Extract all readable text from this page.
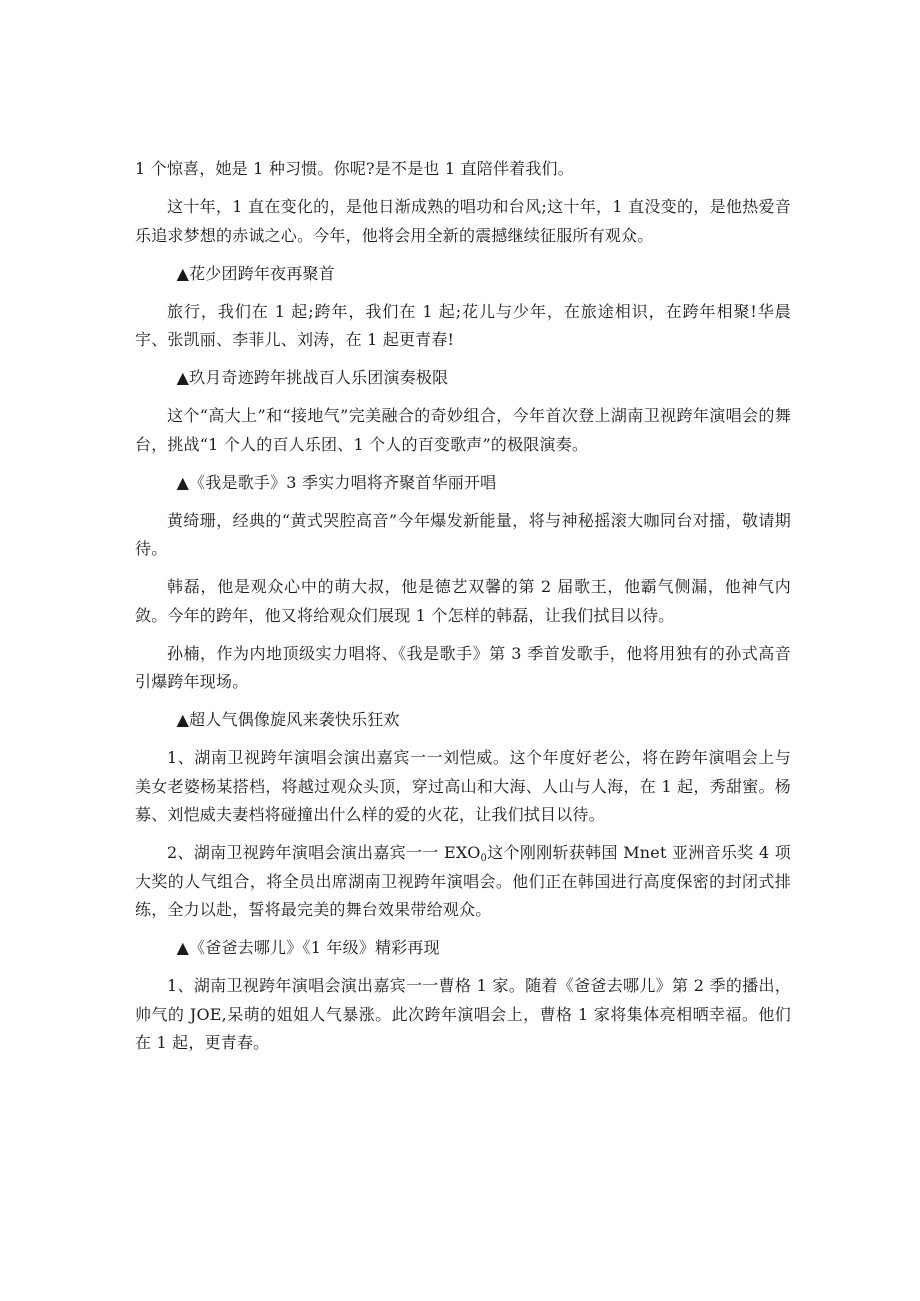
1 个惊喜，她是 1 种习惯。你呢?是不是也 1 直陪伴着我们。

这十年，1 直在变化的，是他日渐成熟的唱功和台风;这十年，1 直没变的，是他热爱音乐追求梦想的赤诚之心。今年，他将会用全新的震撼继续征服所有观众。

▲花少团跨年夜再聚首

旅行，我们在 1 起;跨年，我们在 1 起;花儿与少年，在旅途相识，在跨年相聚!华晨宇、张凯丽、李菲儿、刘涛，在 1 起更青春!

▲玖月奇迹跨年挑战百人乐团演奏极限

这个“高大上”和“接地气”完美融合的奇妙组合，今年首次登上湖南卫视跨年演唱会的舞台，挑战“1 个人的百人乐团、1 个人的百变歌声”的极限演奏。

▲《我是歌手》3 季实力唱将齐聚首华丽开唱

黄绮珊，经典的“黄式哭腔高音”今年爆发新能量，将与神秘摇滚大咖同台对擂，敬请期待。

韩磊，他是观众心中的萌大叔，他是德艺双馨的第 2 届歌王，他霸气侧漏，他神气内敛。今年的跨年，他又将给观众们展现 1 个怎样的韩磊，让我们拭目以待。

孙楠，作为内地顶级实力唱将、《我是歌手》第 3 季首发歌手，他将用独有的孙式高音引爆跨年现场。

▲超人气偶像旋风来袭快乐狂欢

1、湖南卫视跨年演唱会演出嘉宾一一刘恺威。这个年度好老公，将在跨年演唱会上与美女老婆杨某搭档，将越过观众头顶，穿过高山和大海、人山与人海，在 1 起，秀甜蜜。杨募、刘恺威夫妻档将碰撞出什么样的爱的火花，让我们拭目以待。

2、湖南卫视跨年演唱会演出嘉宾一一 $EXO_0$这个刚刚斩获韩国 Mnet 亚洲音乐奖 4 项大奖的人气组合，将全员出席湖南卫视跨年演唱会。他们正在韩国进行高度保密的封闭式排练，全力以赴，誓将最完美的舞台效果带给观众。

▲《爸爸去哪儿》《1 年级》精彩再现

1、湖南卫视跨年演唱会演出嘉宾一一曹格 1 家。随着《爸爸去哪儿》第 2 季的播出，帅气的 JOE,呆萌的姐姐人气暴涨。此次跨年演唱会上，曹格 1 家将集体亮相晒幸福。他们在 1 起，更青春。
